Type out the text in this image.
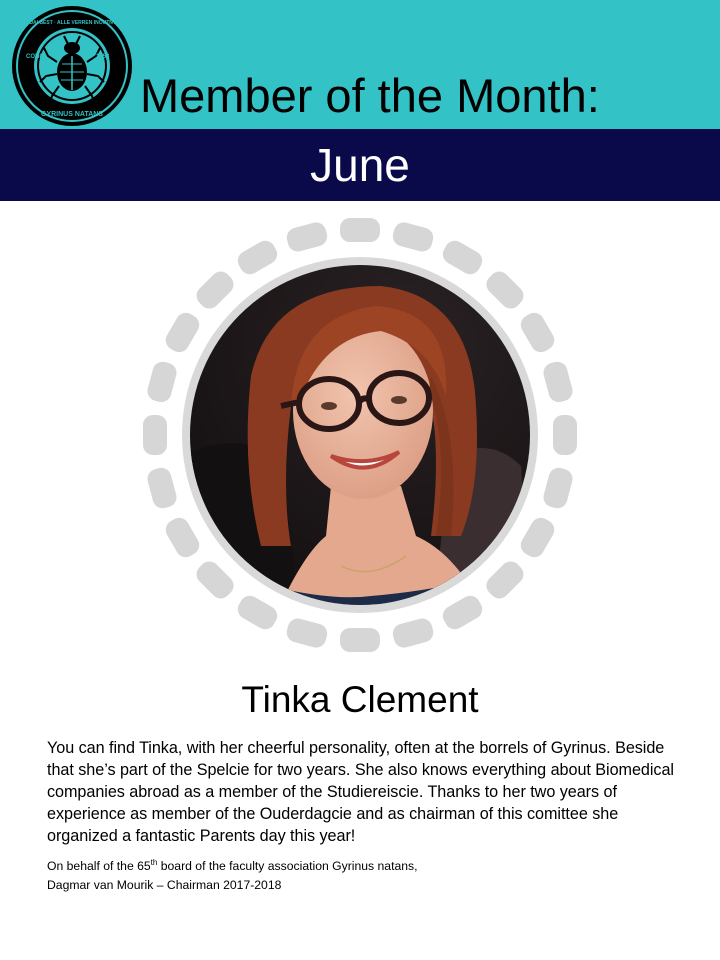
SIDAI BEST · ALLE VERREN INOUTNTE
CONC	1953
GYRINUS NATANS Member of the Month:
June
Tinka Clement
You can find Tinka, with her cheerful personality, often at the borrels of Gyrinus. Beside that she’s part of the Spelcie for two years. She also knows everything about Biomedical companies abroad as a member of the Studiereiscie. Thanks to her two years of experience as member of the Ouderdagcie and as chairman of this comittee she organized a fantastic Parents day this year!
On behalf of the 65th board of the faculty association Gyrinus natans,
Dagmar van Mourik – Chairman 2017-2018
